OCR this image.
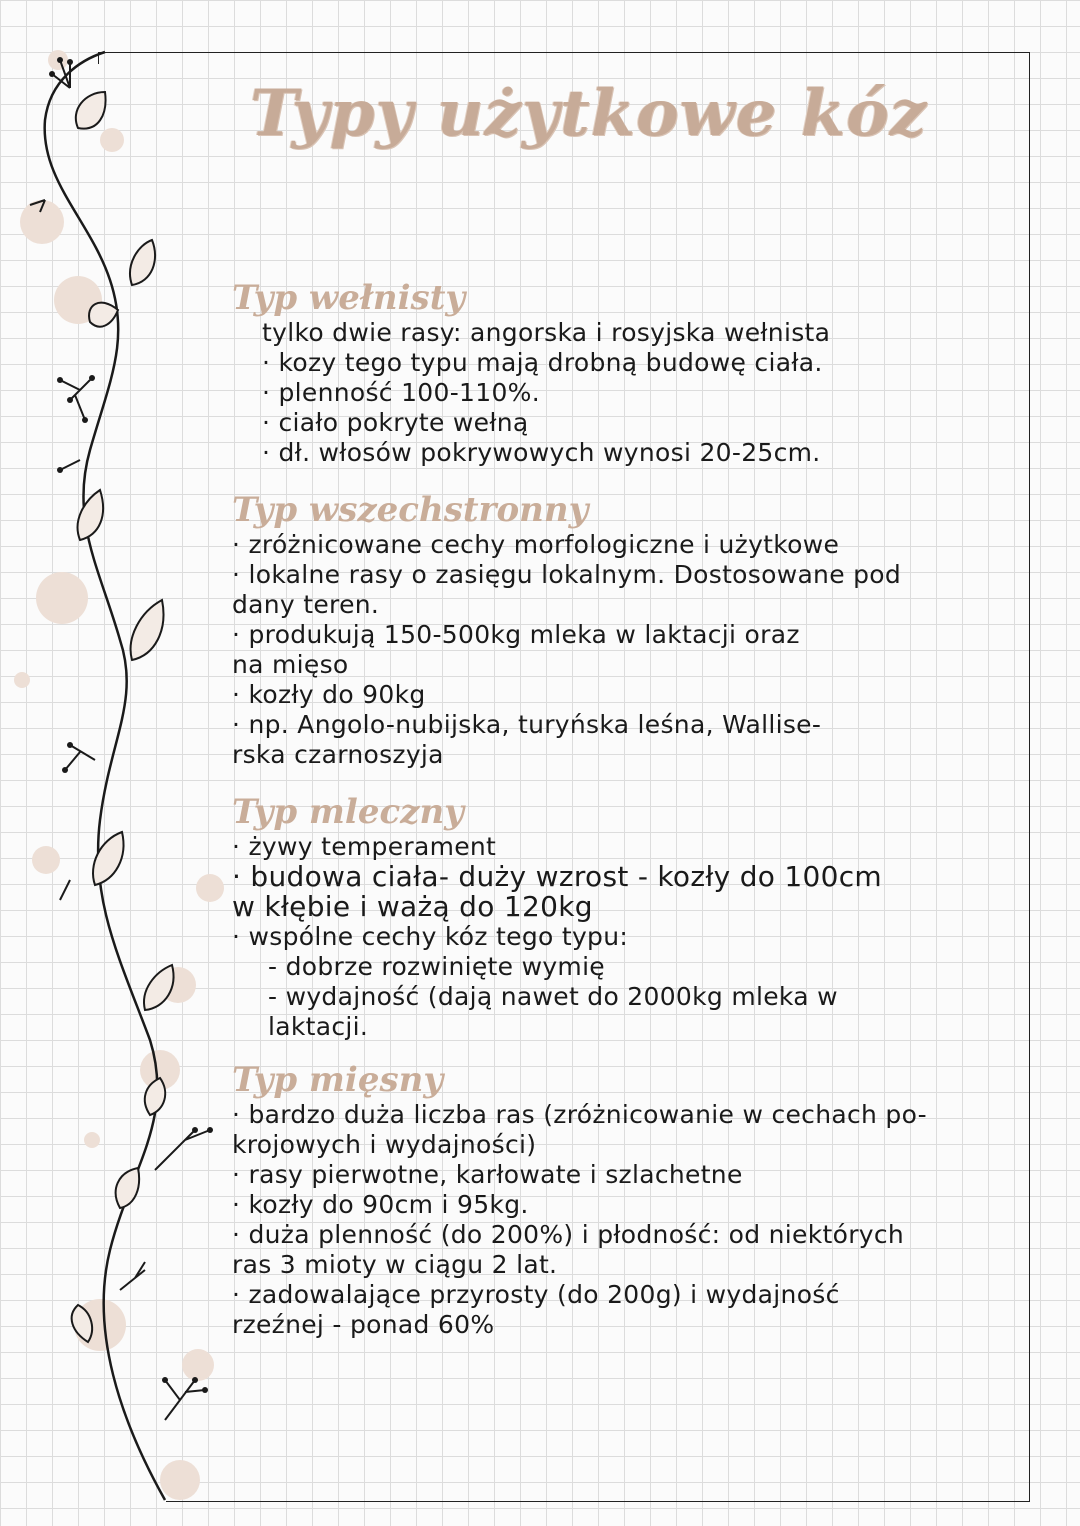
Typy użytkowe kóz
Typ wełnisty
tylko dwie rasy: angorska i rosyjska wełnista
· kozy tego typu mają drobną budowę ciała.
· plenność 100-110%.
· ciało pokryte wełną
· dł. włosów pokrywowych wynosi 20-25cm.
Typ wszechstronny
· zróżnicowane cechy morfologiczne i użytkowe
· lokalne rasy o zasięgu lokalnym. Dostosowane pod
dany teren.
· produkują 150-500kg mleka w laktacji oraz
na mięso
· kozły do 90kg
· np. Angolo-nubijska, turyńska leśna, Wallise-
rska czarnoszyja
Typ mleczny
· żywy temperament
· budowa ciała- duży wzrost - kozły do 100cm
w kłębie i ważą do 120kg
· wspólne cechy kóz tego typu:
- dobrze rozwinięte wymię
- wydajność (dają nawet do 2000kg mleka w
laktacji.
Typ mięsny
· bardzo duża liczba ras (zróżnicowanie w cechach po-
krojowych i wydajności)
· rasy pierwotne, karłowate i szlachetne
· kozły do 90cm i 95kg.
· duża plenność (do 200%) i płodność: od niektórych
ras 3 mioty w ciągu 2 lat.
· zadowalające przyrosty (do 200g) i wydajność
rzeźnej - ponad 60%
